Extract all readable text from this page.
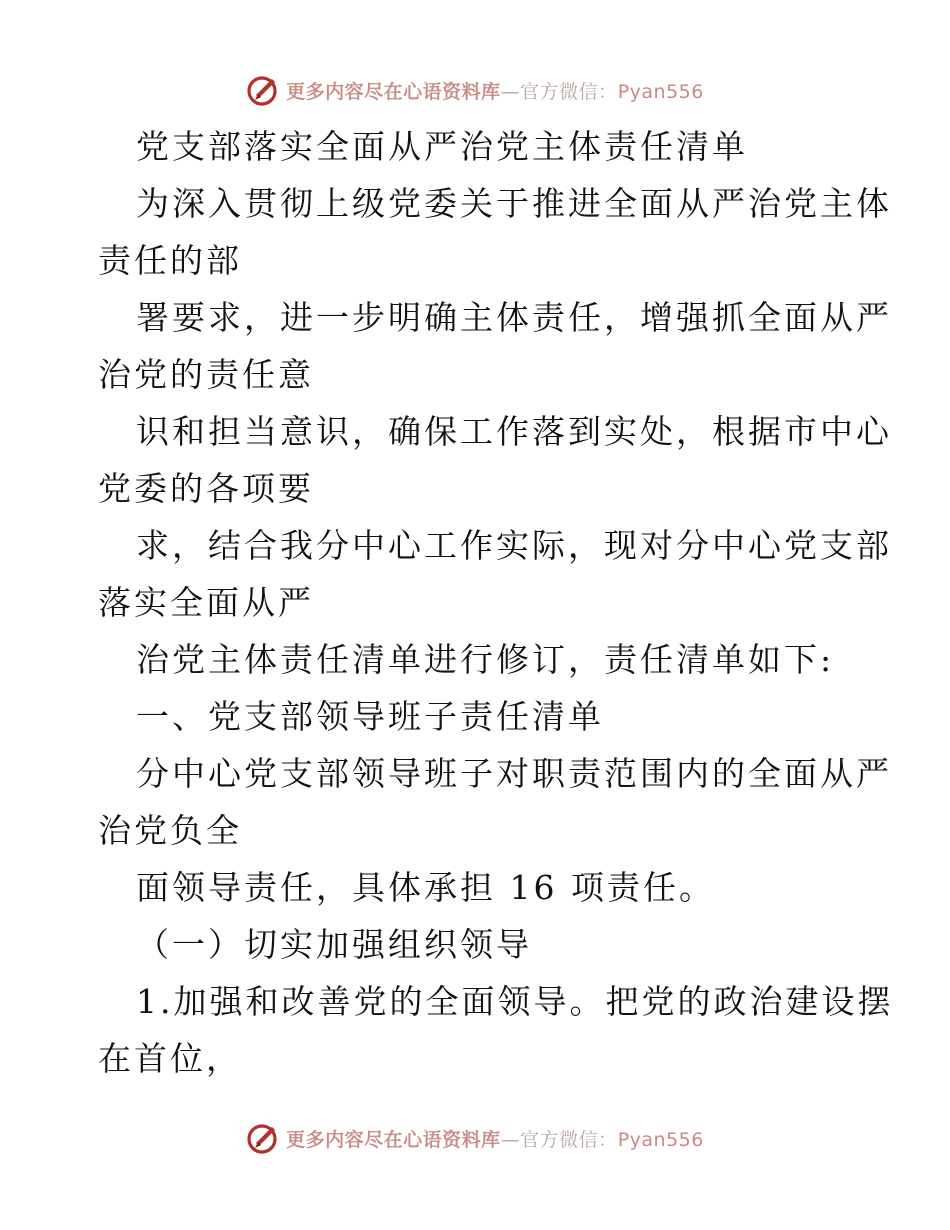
更多内容尽在心语资料库—官方微信：Pyan556
党支部落实全面从严治党主体责任清单
为深入贯彻上级党委关于推进全面从严治党主体
责任的部
署要求，进一步明确主体责任，增强抓全面从严
治党的责任意
识和担当意识，确保工作落到实处，根据市中心
党委的各项要
求，结合我分中心工作实际，现对分中心党支部
落实全面从严
治党主体责任清单进行修订，责任清单如下:
一、党支部领导班子责任清单
分中心党支部领导班子对职责范围内的全面从严
治党负全
面领导责任，具体承担 16 项责任。
（一）切实加强组织领导
1.加强和改善党的全面领导。把党的政治建设摆
在首位，
更多内容尽在心语资料库—官方微信：Pyan556
